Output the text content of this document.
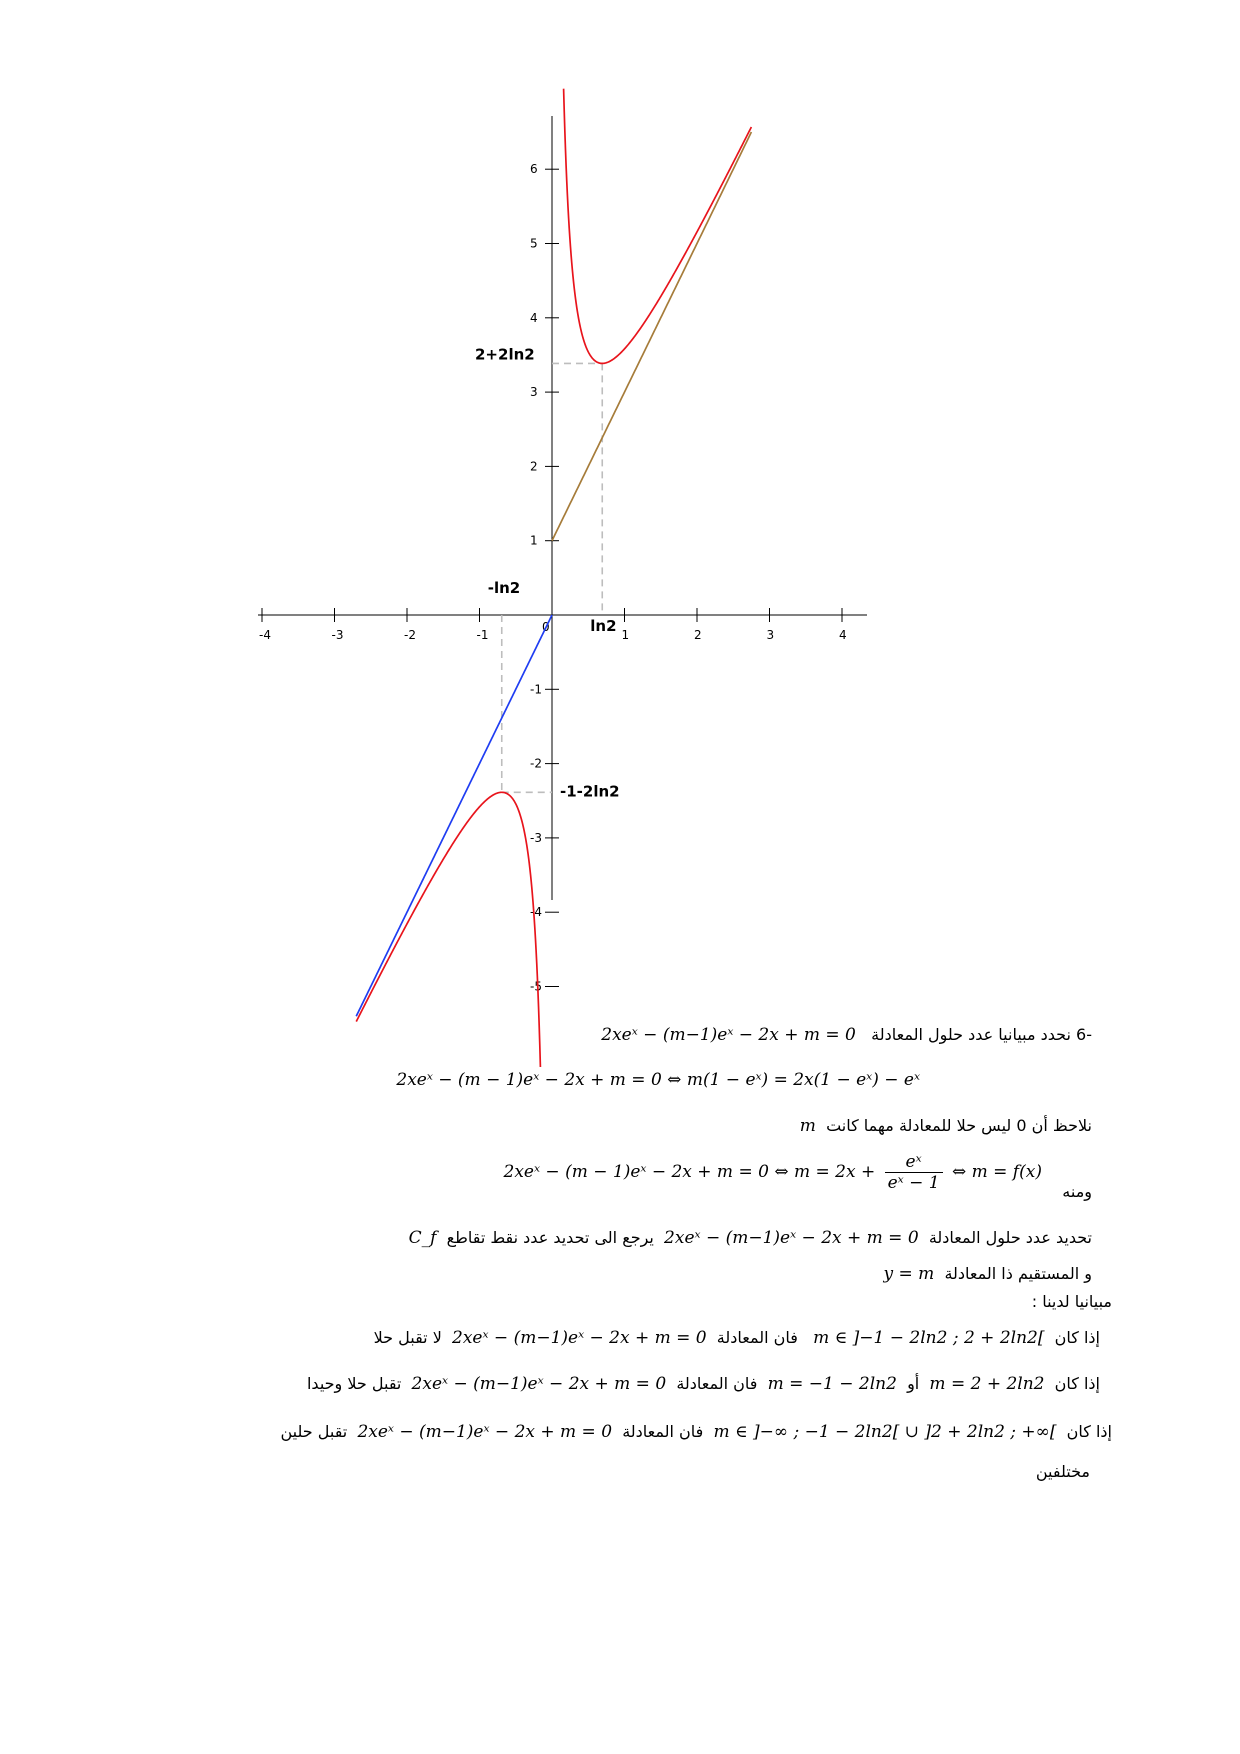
-4	-3	-2	-1
0
1	2	3	4
6
5
4
3
2
1
-1
-2
-3
-4
-5
2+2ln2
-1-2ln2
ln2
-ln2
-6 نحدد مبيانيا عدد حلول المعادلة   2xeˣ − (m−1)eˣ − 2x + m = 0
2xeˣ − (m − 1)eˣ − 2x + m = 0 ⇔ m(1 − eˣ) = 2x(1 − eˣ) − eˣ
نلاحظ أن 0 ليس حلا للمعادلة مهما كانت  m
ومنه    2xeˣ − (m − 1)eˣ − 2x + m = 0 ⇔ $m = 2x + \frac{\text{eˣ}}{\text{eˣ − 1}}$ ⇔ m = f(x)
تحديد عدد حلول المعادلة  2xeˣ − (m−1)eˣ − 2x + m = 0  يرجع الى تحديد عدد نقط تقاطع  C_f
و المستقيم ذا المعادلة  y = m
مبيانيا لدينا :
إذا كان  m ∈ ]−1 − 2ln2 ; 2 + 2ln2[   فان المعادلة  2xeˣ − (m−1)eˣ − 2x + m = 0  لا تقبل حلا
إذا كان  m = 2 + 2ln2  أو  m = −1 − 2ln2  فان المعادلة  2xeˣ − (m−1)eˣ − 2x + m = 0  تقبل حلا وحيدا
إذا كان  m ∈ ]−∞ ; −1 − 2ln2[ ∪ ]2 + 2ln2 ; +∞[  فان المعادلة  2xeˣ − (m−1)eˣ − 2x + m = 0  تقبل حلين
مختلفين
